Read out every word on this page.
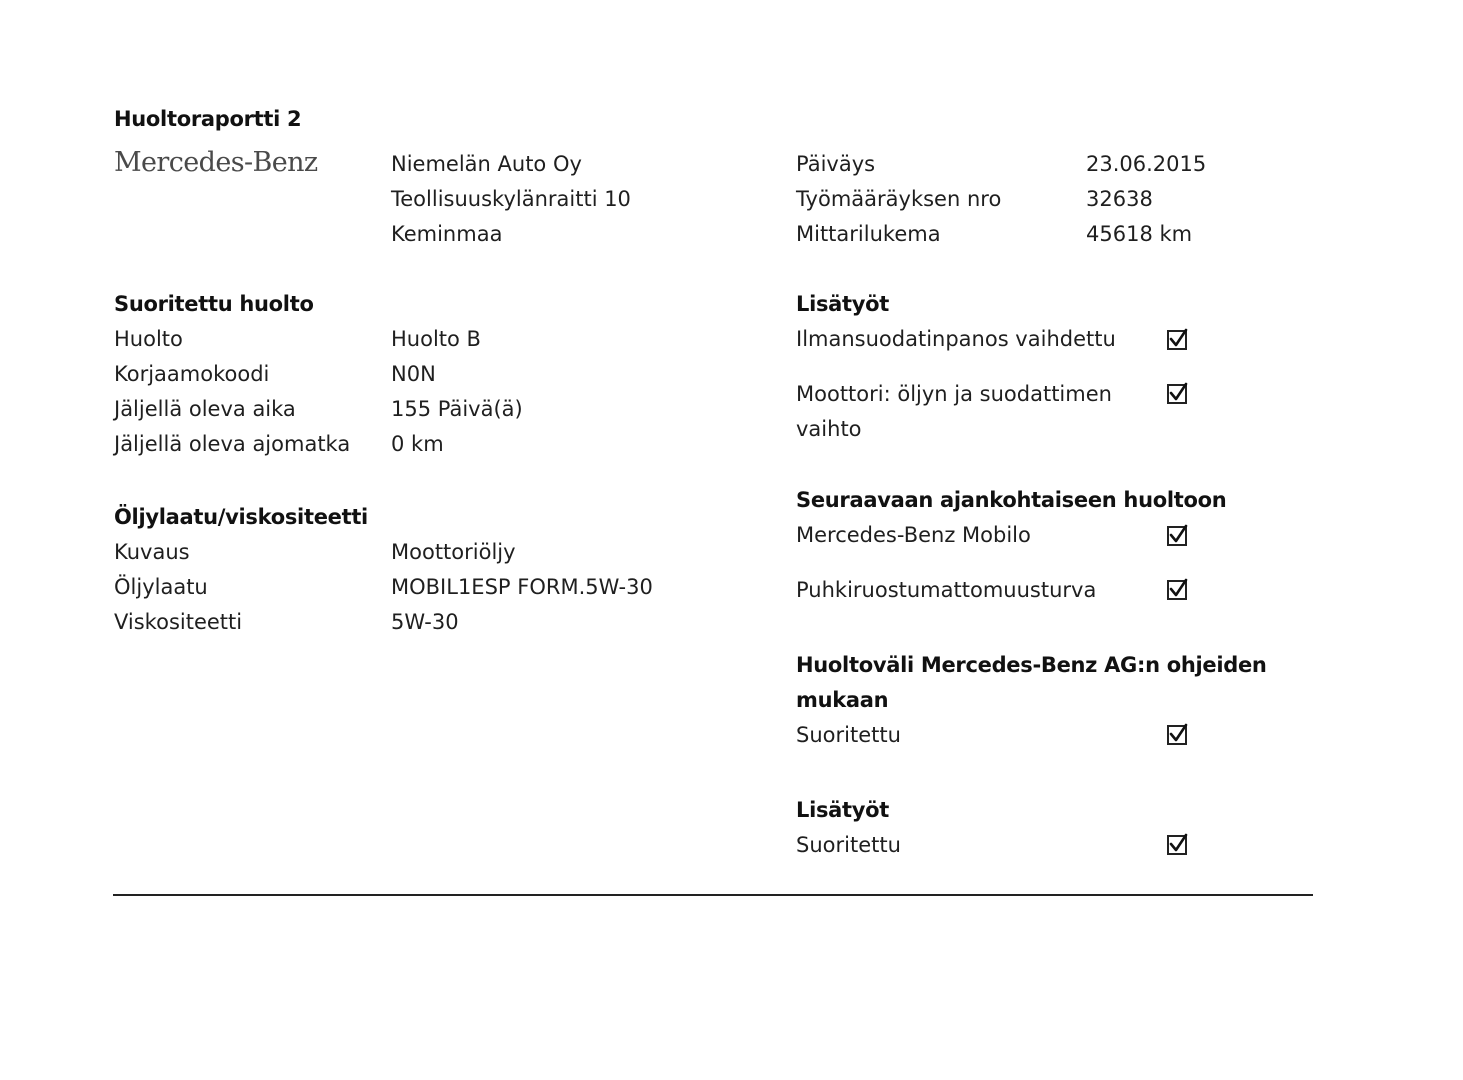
Huoltoraportti 2
Mercedes-Benz	Niemelän Auto Oy
Teollisuuskylänraitti 10
Keminmaa
Päiväys	23.06.2015
Työmääräyksen nro	32638
Mittarilukema	45618 km
Suoritettu huolto
Huolto	Huolto B
Korjaamokoodi	N0N
Jäljellä oleva aika	155 Päivä(ä)
Jäljellä oleva ajomatka 0 km
Öljylaatu/viskositeetti
Kuvaus	Moottoriöljy
Öljylaatu	MOBIL1ESP FORM.5W-30
Viskositeetti	5W-30
Lisätyöt
Ilmansuodatinpanos vaihdettu
Moottori: öljyn ja suodattimen vaihto
Seuraavaan ajankohtaiseen huoltoon
Mercedes-Benz Mobilo
Puhkiruostumattomuusturva
Huoltoväli Mercedes-Benz AG:n ohjeiden mukaan
Suoritettu
Lisätyöt
Suoritettu
